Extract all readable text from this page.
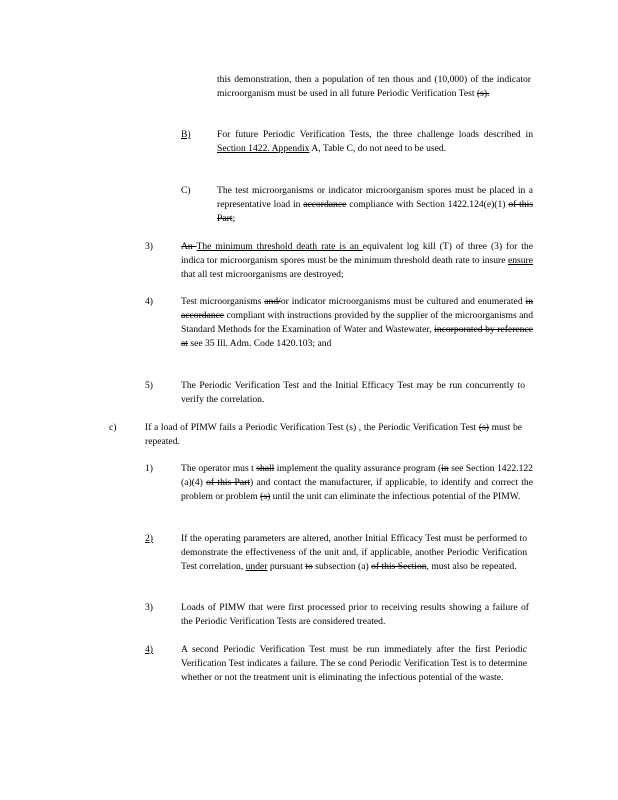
this demonstration, then a population of ten thous and (10,000) of the indicator microorganism must be used in all future Periodic Verification Test (s).
B)	For future Periodic Verification Tests, the three challenge loads described in Section 1422. Appendix A, Table C, do not need to be used.
C)	The test microorganisms or indicator microorganism spores must be placed in a representative load in accordance compliance with Section 1422.124(e)(1) of this Part;
3)	An The minimum threshold death rate is an equivalent log kill (T) of three (3) for the indica tor microorganism spores must be the minimum threshold death rate to insure ensure that all test microorganisms are destroyed;
4)	Test microorganisms and/or indicator microorganisms must be cultured and enumerated in accordance compliant with instructions provided by the supplier of the microorganisms and Standard Methods for the Examination of Water and Wastewater, incorporated by reference at see 35 Ill. Adm. Code 1420.103; and
5)	The Periodic Verification Test and the Initial Efficacy Test may be run concurrently to verify the correlation.
c)	If a load of PIMW fails a Periodic Verification Test (s) , the Periodic Verification Test (s) must be repeated.
1)	The operator mus t shall implement the quality assurance program (in see Section 1422.122 (a)(4) of this Part) and contact the manufacturer, if applicable, to identify and correct the problem or problem (s) until the unit can eliminate the infectious potential of the PIMW.
2)	If the operating parameters are altered, another Initial Efficacy Test must be performed to demonstrate the effectiveness of the unit and, if applicable, another Periodic Verification Test correlation, under pursuant to subsection (a) of this Section, must also be repeated.
3)	Loads of PIMW that were first processed prior to receiving results showing a failure of the Periodic Verification Tests are considered treated.
4)	A second Periodic Verification Test must be run immediately after the first Periodic Verification Test indicates a failure. The se cond Periodic Verification Test is to determine whether or not the treatment unit is eliminating the infectious potential of the waste.
